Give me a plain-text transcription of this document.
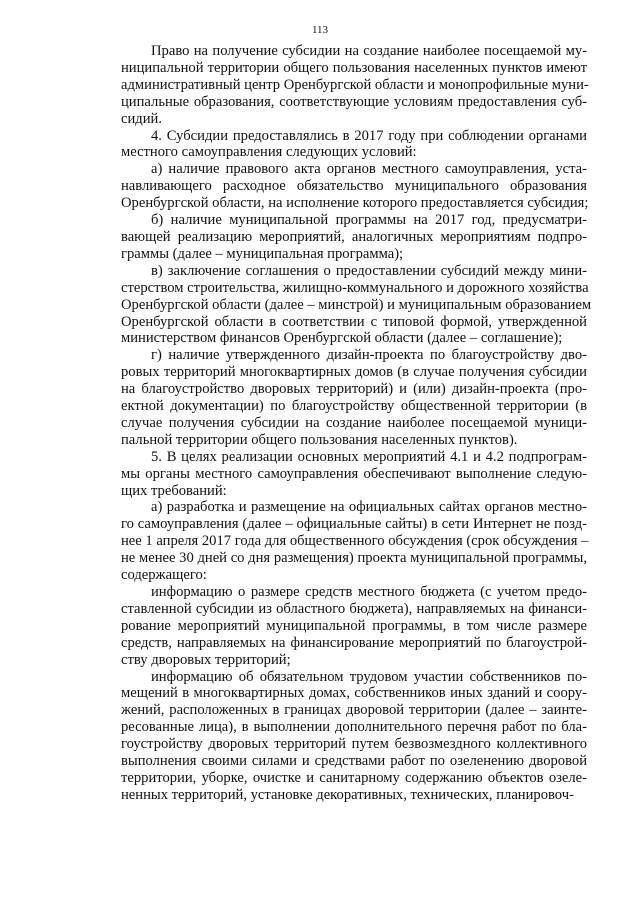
113
Право на получение субсидии на создание наиболее посещаемой му-
ниципальной территории общего пользования населенных пунктов имеют
административный центр Оренбургской области и монопрофильные муни-
ципальные образования, соответствующие условиям предоставления суб-
сидий.
4. Субсидии предоставлялись в 2017 году при соблюдении органами
местного самоуправления следующих условий:
а) наличие правового акта органов местного самоуправления, уста-
навливающего расходное обязательство муниципального образования
Оренбургской области, на исполнение которого предоставляется субсидия;
б) наличие муниципальной программы на 2017 год, предусматри-
вающей реализацию мероприятий, аналогичных мероприятиям подпро-
граммы (далее – муниципальная программа);
в) заключение соглашения о предоставлении субсидий между мини-
стерством строительства, жилищно-коммунального и дорожного хозяйства
Оренбургской области (далее – минстрой) и муниципальным образованием
Оренбургской области в соответствии с типовой формой, утвержденной
министерством финансов Оренбургской области (далее – соглашение);
г) наличие утвержденного дизайн-проекта по благоустройству дво-
ровых территорий многоквартирных домов (в случае получения субсидии
на благоустройство дворовых территорий) и (или) дизайн-проекта (про-
ектной документации) по благоустройству общественной территории (в
случае получения субсидии на создание наиболее посещаемой муници-
пальной территории общего пользования населенных пунктов).
5. В целях реализации основных мероприятий 4.1 и 4.2 подпрограм-
мы органы местного самоуправления обеспечивают выполнение следую-
щих требований:
а) разработка и размещение на официальных сайтах органов местно-
го самоуправления (далее – официальные сайты) в сети Интернет не позд-
нее 1 апреля 2017 года для общественного обсуждения (срок обсуждения –
не менее 30 дней со дня размещения) проекта муниципальной программы,
содержащего:
информацию о размере средств местного бюджета (с учетом предо-
ставленной субсидии из областного бюджета), направляемых на финанси-
рование мероприятий муниципальной программы, в том числе размере
средств, направляемых на финансирование мероприятий по благоустрой-
ству дворовых территорий;
информацию об обязательном трудовом участии собственников по-
мещений в многоквартирных домах, собственников иных зданий и соору-
жений, расположенных в границах дворовой территории (далее – заинте-
ресованные лица), в выполнении дополнительного перечня работ по бла-
гоустройству дворовых территорий путем безвозмездного коллективного
выполнения своими силами и средствами работ по озеленению дворовой
территории, уборке, очистке и санитарному содержанию объектов озеле-
ненных территорий, установке декоративных, технических, планировоч-
